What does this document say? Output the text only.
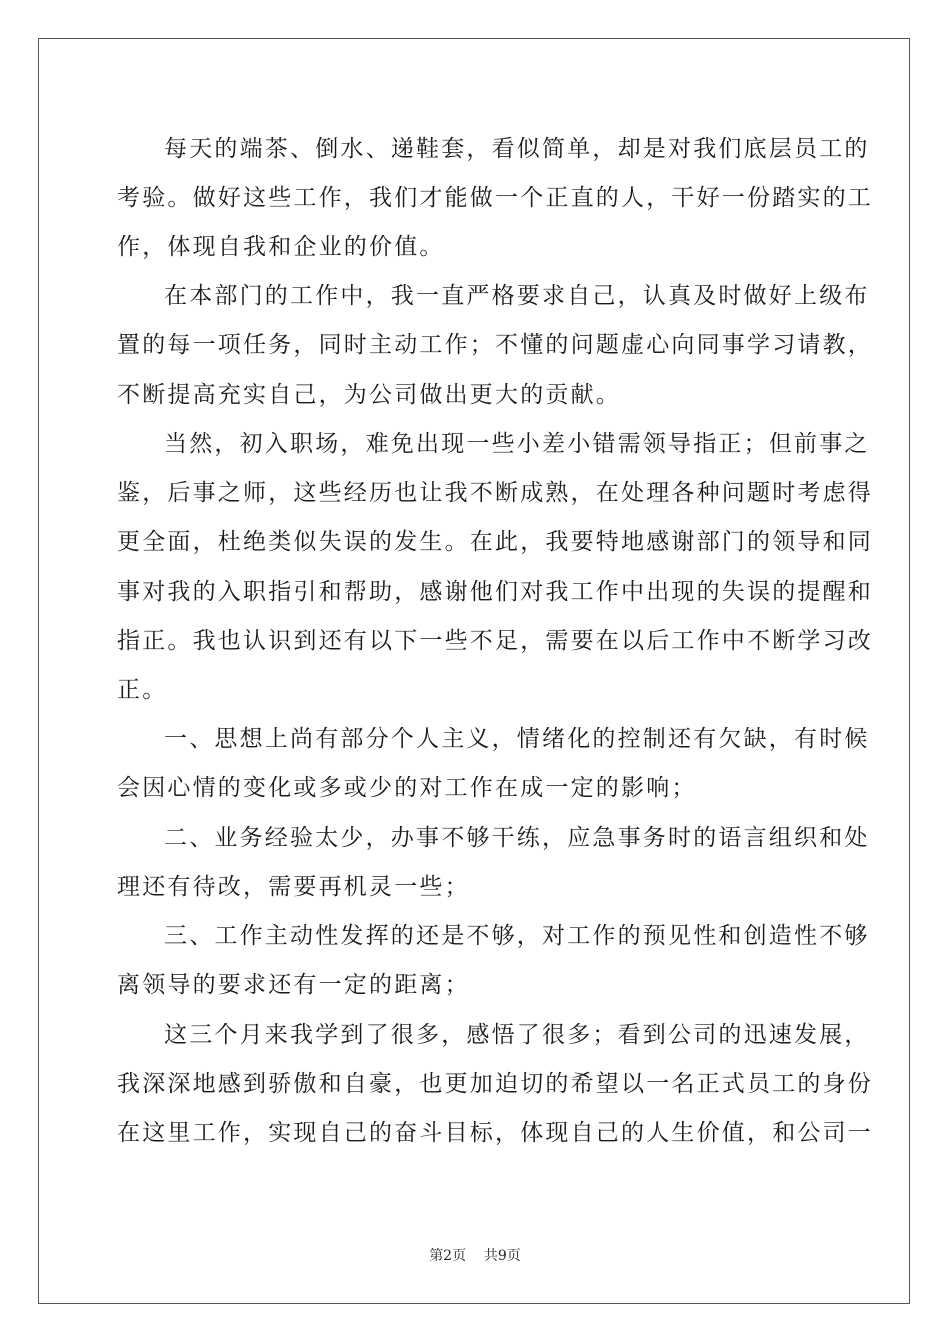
每天的端茶、倒水、递鞋套，看似简单，却是对我们底层员工的
考验。做好这些工作，我们才能做一个正直的人，干好一份踏实的工
作，体现自我和企业的价值。
在本部门的工作中，我一直严格要求自己，认真及时做好上级布
置的每一项任务，同时主动工作；不懂的问题虚心向同事学习请教，
不断提高充实自己，为公司做出更大的贡献。
当然，初入职场，难免出现一些小差小错需领导指正；但前事之
鉴，后事之师，这些经历也让我不断成熟，在处理各种问题时考虑得
更全面，杜绝类似失误的发生。在此，我要特地感谢部门的领导和同
事对我的入职指引和帮助，感谢他们对我工作中出现的失误的提醒和
指正。我也认识到还有以下一些不足，需要在以后工作中不断学习改
正。
一、思想上尚有部分个人主义，情绪化的控制还有欠缺，有时候
会因心情的变化或多或少的对工作在成一定的影响；
二、业务经验太少，办事不够干练，应急事务时的语言组织和处
理还有待改，需要再机灵一些；
三、工作主动性发挥的还是不够，对工作的预见性和创造性不够
离领导的要求还有一定的距离；
这三个月来我学到了很多，感悟了很多；看到公司的迅速发展，
我深深地感到骄傲和自豪，也更加迫切的希望以一名正式员工的身份
在这里工作，实现自己的奋斗目标，体现自己的人生价值，和公司一
第2页    共9页
